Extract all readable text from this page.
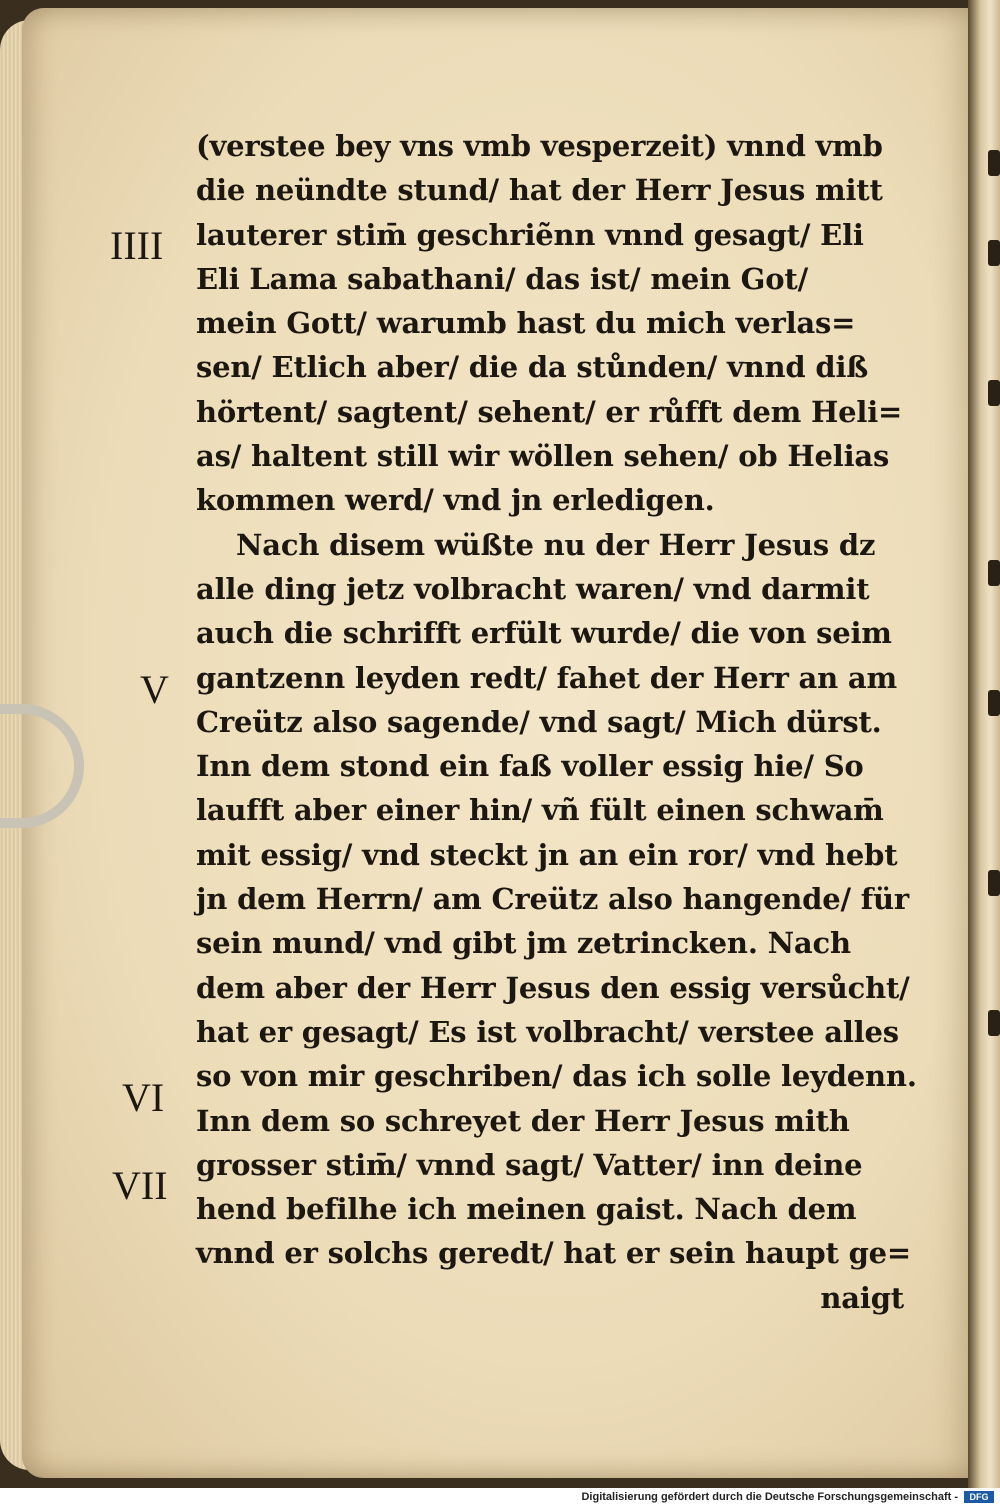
IIII
V
VI
VII
(verstee bey vns vmb vesperzeit) vnnd vmb
die neündte stund/ hat der Herr Jesus mitt
lauterer stim̄ geschriẽnn vnnd gesagt/ Eli
Eli Lama sabathani/ das ist/ mein Got/
mein Gott/ warumb hast du mich verlas=
sen/ Etlich aber/ die da stůnden/ vnnd diß
hörtent/ sagtent/ sehent/ er růfft dem Heli=
as/ haltent still wir wöllen sehen/ ob Helias
kommen werd/ vnd jn erledigen.
Nach disem wüßte nu der Herr Jesus dz
alle ding jetz volbracht waren/ vnd darmit
auch die schrifft erfült wurde/ die von seim
gantzenn leyden redt/ fahet der Herr an am
Creütz also sagende/ vnd sagt/ Mich dürst.
Inn dem stond ein faß voller essig hie/ So
laufft aber einer hin/ vñ fült einen schwam̄
mit essig/ vnd steckt jn an ein ror/ vnd hebt
jn dem Herrn/ am Creütz also hangende/ für
sein mund/ vnd gibt jm zetrincken. Nach
dem aber der Herr Jesus den essig versůcht/
hat er gesagt/ Es ist volbracht/ verstee alles
so von mir geschriben/ das ich solle leydenn.
Inn dem so schreyet der Herr Jesus mith
grosser stim̄/ vnnd sagt/ Vatter/ inn deine
hend befilhe ich meinen gaist. Nach dem
vnnd er solchs geredt/ hat er sein haupt ge=
naigt
Digitalisierung gefördert durch die Deutsche Forschungsgemeinschaft -	DFG
